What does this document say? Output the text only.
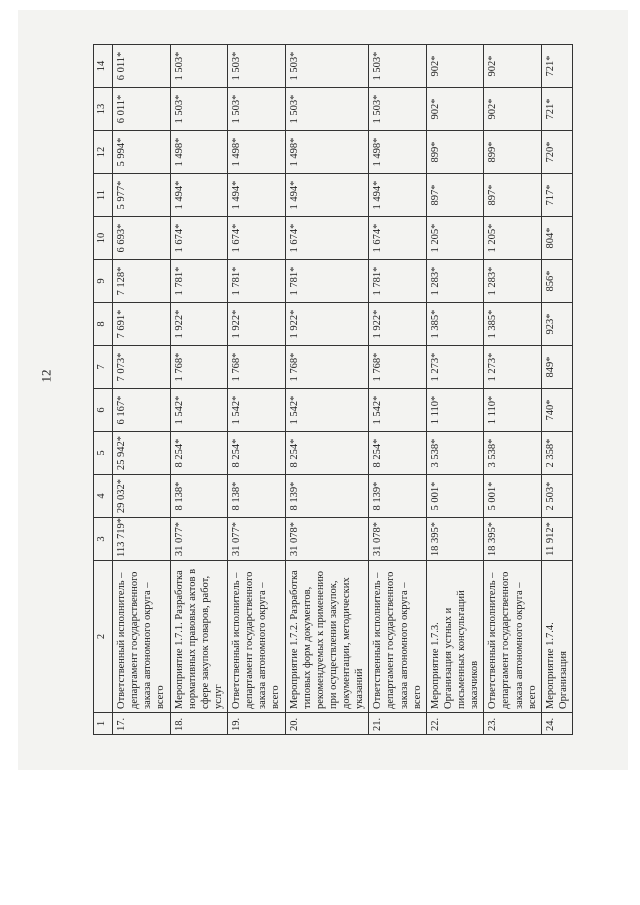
12
1	2	3	4	5	6	7	8	9	10	11	12	13	14
17.	Ответственный исполнитель – департамент государственного заказа автономного округа – всего	113 719*	29 032*	25 942*	6 167*	7 073*	7 691*	7 128*	6 693*	5 977*	5 994*	6 011*	6 011*
18.	Мероприятие 1.7.1. Разработка нормативных правовых актов в сфере закупок товаров, работ, услуг	31 077*	8 138*	8 254*	1 542*	1 768*	1 922*	1 781*	1 674*	1 494*	1 498*	1 503*	1 503*
19.	Ответственный исполнитель – департамент государственного заказа автономного округа – всего	31 077*	8 138*	8 254*	1 542*	1 768*	1 922*	1 781*	1 674*	1 494*	1 498*	1 503*	1 503*
20.	Мероприятие 1.7.2. Разработка типовых форм документов, рекомендуемых к применению при осуществлении закупок, документации, методических указаний	31 078*	8 139*	8 254*	1 542*	1 768*	1 922*	1 781*	1 674*	1 494*	1 498*	1 503*	1 503*
21.	Ответственный исполнитель – департамент государственного заказа автономного округа – всего	31 078*	8 139*	8 254*	1 542*	1 768*	1 922*	1 781*	1 674*	1 494*	1 498*	1 503*	1 503*
22.	Мероприятие 1.7.3. Организация устных и письменных консультаций заказчиков	18 395*	5 001*	3 538*	1 110*	1 273*	1 385*	1 283*	1 205*	897*	899*	902*	902*
23.	Ответственный исполнитель – департамент государственного заказа автономного округа – всего	18 395*	5 001*	3 538*	1 110*	1 273*	1 385*	1 283*	1 205*	897*	899*	902*	902*
24.	Мероприятие 1.7.4. Организация	11 912*	2 503*	2 358*	740*	849*	923*	856*	804*	717*	720*	721*	721*
